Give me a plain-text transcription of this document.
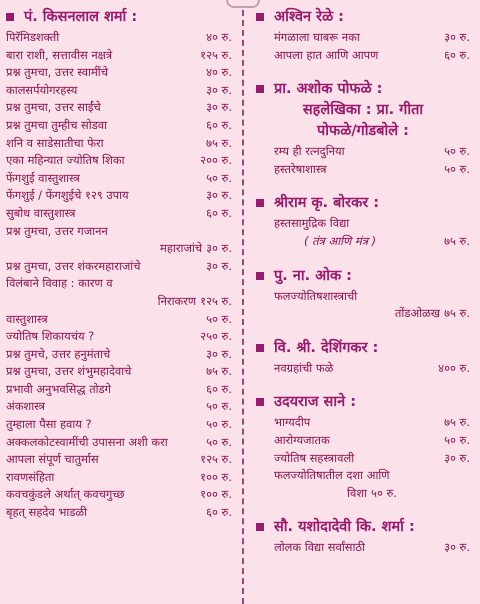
पं. किसनलाल शर्मा :
पिरॅमिडशक्ती	४० रु.
बारा राशी, सत्तावीस नक्षत्रे	१२५ रु.
प्रश्न तुमचा, उत्तर स्वामींचे	४० रु.
कालसर्पयोगरहस्य	३० रु.
प्रश्न तुमचा, उत्तर साईंचे	३० रु.
प्रश्न तुमचा तुम्हीच सोडवा	६० रु.
शनि व साडेसातीचा फेरा	७५ रु.
एका महिन्यात ज्योतिष शिका	२०० रु.
फेंगशुई वास्तुशास्त्र	५० रु.
फेंगशुई / फेंगशुईचे १२९ उपाय	३० रु.
सुबोध वास्तुशास्त्र	६० रु.
प्रश्न तुमचा, उत्तर गजानन
महाराजांचे ३० रु.
प्रश्न तुमचा, उत्तर शंकरमहाराजांचे	३० रु.
विलंबाने विवाह : कारण व
निराकरण १२५ रु.
वास्तुशास्त्र	५० रु.
ज्योतिष शिकायचंय ?	२५० रु.
प्रश्न तुमचे, उत्तर हनुमंताचे	३० रु.
प्रश्न तुमचा, उत्तर शंभुमहादेवाचे	७५ रु.
प्रभावी अनुभवसिद्ध तोडगे	६० रु.
अंकशास्त्र	५० रु.
तुम्हाला पैसा हवाय ?	५० रु.
अक्कलकोटस्वामींची उपासना अशी करा	५० रु.
आपला संपूर्ण चातुर्मास	१२५ रु.
रावणसंहिता	१०० रु.
कवचकुंडले अर्थात् कवचगुच्छ	१०० रु.
बृहत् सहदेव भाडळी	६० रु.
अश्विन रेळे :
मंगळाला घाबरू नका	३० रु.
आपला हात आणि आपण	६० रु.
प्रा. अशोक पोफळे :
सहलेखिका : प्रा. गीता
पोफळे/गोडबोले :
रम्य ही रत्नदुनिया	५० रु.
हस्तरेषाशास्त्र	५० रु.
श्रीराम कृ. बोरकर :
हस्तसामुद्रिक विद्या
( तंत्र आणि मंत्र )	७५ रु.
पु. ना. ओक :
फलज्योतिषशास्त्राची
तोंडओळख ७५ रु.
वि. श्री. देशिंगकर :
नवग्रहांची फळे	४०० रु.
उदयराज साने :
भाग्यदीप	७५ रु.
आरोग्यजातक	५० रु.
ज्योतिष सहस्त्रावली	३० रु.
फलज्योतिषातील दशा आणि
विशा ५० रु.
सौ. यशोदादेवी कि. शर्मा :
लोलक विद्या सर्वांसाठी	३० रु.
